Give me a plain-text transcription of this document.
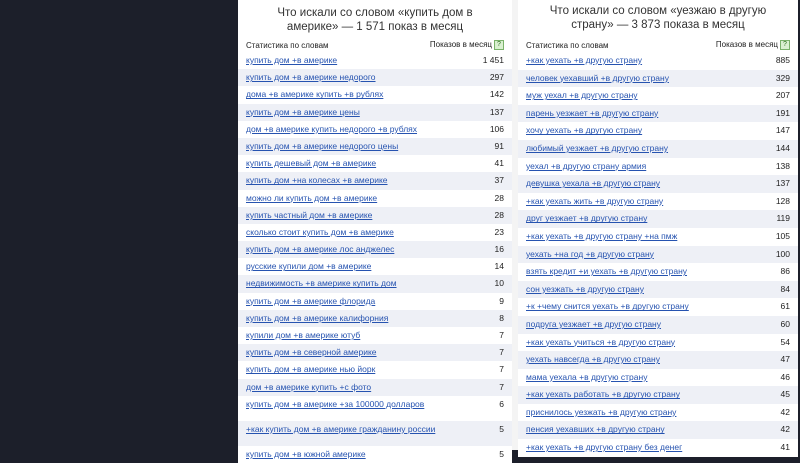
Что искали со словом «купить дом в америке» — 1 571 показ в месяц
Статистика по словам	Показов в месяц ?
купить дом +в америке	1 451
купить дом +в америке недорого	297
дома +в америке купить +в рублях	142
купить дом +в америке цены	137
дом +в америке купить недорого +в рублях	106
купить дом +в америке недорого цены	91
купить дешевый дом +в америке	41
купить дом +на колесах +в америке	37
можно ли купить дом +в америке	28
купить частный дом +в америке	28
сколько стоит купить дом +в америке	23
купить дом +в америке лос анджелес	16
русские купили дом +в америке	14
недвижимость +в америке купить дом	10
купить дом +в америке флорида	9
купить дом +в америке калифорния	8
купили дом +в америке ютуб	7
купить дом +в северной америке	7
купить дом +в америке нью йорк	7
дом +в америке купить +с фото	7
купить дом +в америке +за 100000 долларов	6
+как купить дом +в америке гражданину россии	5
купить дом +в южной америке	5
Что искали со словом «уезжаю в другую страну» — 3 873 показа в месяц
Статистика по словам	Показов в месяц ?
+как уехать +в другую страну	885
человек уехавший +в другую страну	329
муж уехал +в другую страну	207
парень уезжает +в другую страну	191
хочу уехать +в другую страну	147
любимый уезжает +в другую страну	144
уехал +в другую страну армия	138
девушка уехала +в другую страну	137
+как уехать жить +в другую страну	128
друг уезжает +в другую страну	119
+как уехать +в другую страну +на пмж	105
уехать +на год +в другую страну	100
взять кредит +и уехать +в другую страну	86
сон уезжать +в другую страну	84
+к +чему снится уехать +в другую страну	61
подруга уезжает +в другую страну	60
+как уехать учиться +в другую страну	54
уехать навсегда +в другую страну	47
мама уехала +в другую страну	46
+как уехать работать +в другую страну	45
приснилось уезжать +в другую страну	42
пенсия уехавших +в другую страну	42
+как уехать +в другую страну без денег	41
